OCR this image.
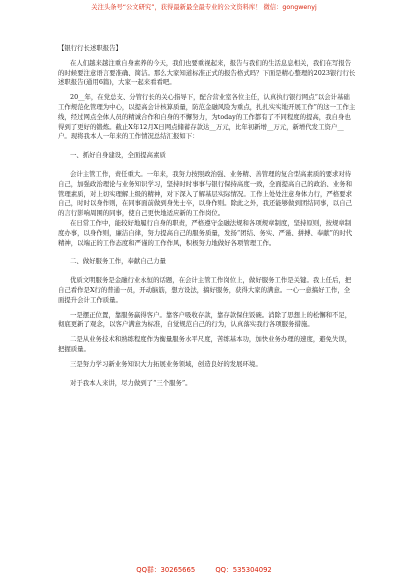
关注头条号“公文研究”，获得最新最全最专业的公文资料库！ 微信：gongwenyj

【银行行长述职报告】

在人们越来越注重自身素养的今天，我们也要重视起来，报告与我们的生活息息相关，我们在写报告的时候要注意语言要准确、简洁。那么大家知道标准正式的报告格式吗？下面是精心整理的2023银行行长述职报告(通用6篇)，大家一起来看看吧。

20__年，在党总支、分管行长的关心指导下，配合营业室各位主任，认真执行银行网点“以会计基础工作规范化管理为中心，以提高会计核算质量，防范金融风险为重点，扎扎实实地开展工作”的这一工作主线，经过网点全体人员的精诚合作和自身的不懈努力，为today的工作都有了不同程度的提高，我自身也得到了更好的锻炼。截止X年12月X日网点储蓄存款达__万元，比年初新增__万元，新增代发工资户__户。现将我本人一年来的工作情况总结汇报如下：

一、抓好自身建设，全面提高素质

会计主管工作，责任重大。一年来，我努力按照政治强、业务精、善管理的复合型高素质的要求对待自己，加强政治理论与业务知识学习，坚持时时事事与银行保持高度一致，全面提高自己的政治、业务和管理素质，对上切实理解上级的精神，对下深入了解基层实际情况。工作上处处注意身体力行，严格要求自己，时时以身作则，在同事面前做到身先士卒，以身作则。除此之外，我还能够做到团结同事，以自己的言行影响周围的同事，使自己更快地适应新的工作岗位。

在日常工作中，能较好地履行自身的职责，严格遵守金融法规和各项规章制度，坚持原则，按规章制度办事，以身作则，廉洁自律，努力提高自己的服务质量，发扬“团结、务实、严谨、拼搏、奉献”的时代精神，以端正的工作态度和严谨的工作作风，积极努力地做好各项管理工作。

二、做好服务工作，奉献自己力量

优质文明服务是金融行业永恒的话题，在会计主管工作岗位上，做好服务工作是关键。我上任后，把自己看作是X行的普通一员，开动脑筋，想方设法，搞好服务，获得大家的满意。一心一意搞好工作，全面提升会计工作质量。

一是摆正位置，靠服务赢得客户。靠客户吸收存款，靠存款保住饭碗。消除了思想上的松懈和不足，彻底更新了观念，以客户满意为标准，自觉规范自己的行为，认真落实我行各项服务措施。

二是从业务技术和熟练程度作为衡量服务水平尺度，苦练基本功，加快业务办理的速度，避免失误，把握质量。

三是努力学习新业务知识大力拓展业务领域，创造良好的发展环境。

对于我本人来讲，尽力做到了“三个服务”。

QQ群：30265665 QQ：535304092
